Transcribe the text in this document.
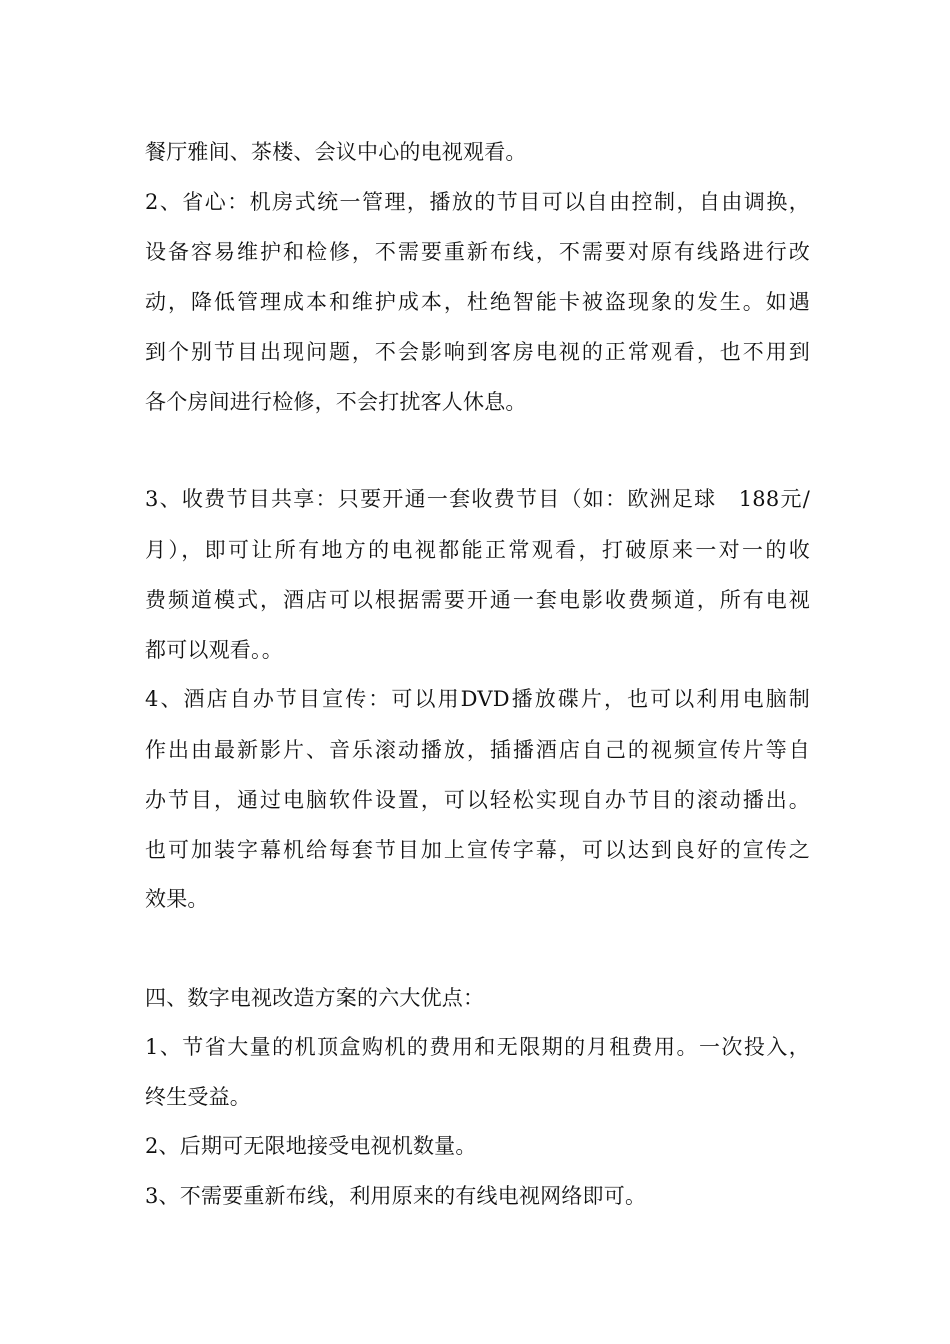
餐厅雅间、茶楼、会议中心的电视观看。
2、省心：机房式统一管理，播放的节目可以自由控制，自由调换，
设备容易维护和检修，不需要重新布线，不需要对原有线路进行改
动，降低管理成本和维护成本，杜绝智能卡被盗现象的发生。如遇
到个别节目出现问题，不会影响到客房电视的正常观看，也不用到
各个房间进行检修，不会打扰客人休息。
3、收费节目共享：只要开通一套收费节目（如：欧洲足球　188元/
月），即可让所有地方的电视都能正常观看，打破原来一对一的收
费频道模式，酒店可以根据需要开通一套电影收费频道，所有电视
都可以观看。。
4、酒店自办节目宣传：可以用DVD播放碟片，也可以利用电脑制
作出由最新影片、音乐滚动播放，插播酒店自己的视频宣传片等自
办节目，通过电脑软件设置，可以轻松实现自办节目的滚动播出。
也可加装字幕机给每套节目加上宣传字幕，可以达到良好的宣传之
效果。
四、数字电视改造方案的六大优点：
1、节省大量的机顶盒购机的费用和无限期的月租费用。一次投入，
终生受益。
2、后期可无限地接受电视机数量。
3、不需要重新布线，利用原来的有线电视网络即可。
